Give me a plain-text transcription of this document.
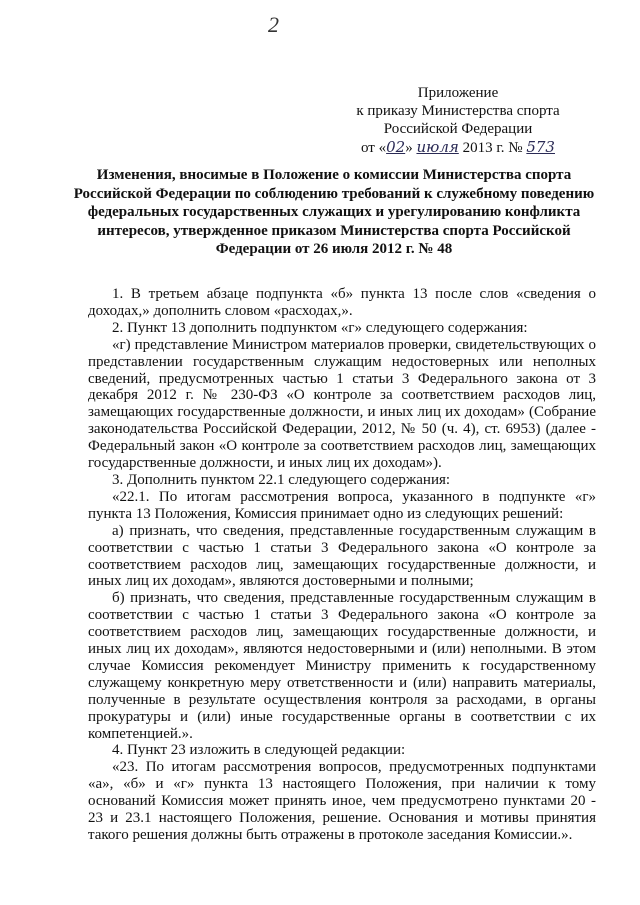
2
Приложение
к приказу Министерства спорта
Российской Федерации
от «02» июля 2013 г. № 573
Изменения, вносимые в Положение о комиссии Министерства спорта Российской Федерации по соблюдению требований к служебному поведению федеральных государственных служащих и урегулированию конфликта интересов, утвержденное приказом Министерства спорта Российской Федерации от 26 июля 2012 г. № 48

1. В третьем абзаце подпункта «б» пункта 13 после слов «сведения о доходах,» дополнить словом «расходах,».

2. Пункт 13 дополнить подпунктом «г» следующего содержания:

«г) представление Министром материалов проверки, свидетельствующих о представлении государственным служащим недостоверных или неполных сведений, предусмотренных частью 1 статьи 3 Федерального закона от 3 декабря 2012 г. № 230-ФЗ «О контроле за соответствием расходов лиц, замещающих государственные должности, и иных лиц их доходам» (Собрание законодательства Российской Федерации, 2012, № 50 (ч. 4), ст. 6953) (далее - Федеральный закон «О контроле за соответствием расходов лиц, замещающих государственные должности, и иных лиц их доходам»).

3. Дополнить пунктом 22.1 следующего содержания:

«22.1. По итогам рассмотрения вопроса, указанного в подпункте «г» пункта 13 Положения, Комиссия принимает одно из следующих решений:

а) признать, что сведения, представленные государственным служащим в соответствии с частью 1 статьи 3 Федерального закона «О контроле за соответствием расходов лиц, замещающих государственные должности, и иных лиц их доходам», являются достоверными и полными;

б) признать, что сведения, представленные государственным служащим в соответствии с частью 1 статьи 3 Федерального закона «О контроле за соответствием расходов лиц, замещающих государственные должности, и иных лиц их доходам», являются недостоверными и (или) неполными. В этом случае Комиссия рекомендует Министру применить к государственному служащему конкретную меру ответственности и (или) направить материалы, полученные в результате осуществления контроля за расходами, в органы прокуратуры и (или) иные государственные органы в соответствии с их компетенцией.».

4. Пункт 23 изложить в следующей редакции:

«23. По итогам рассмотрения вопросов, предусмотренных подпунктами «а», «б» и «г» пункта 13 настоящего Положения, при наличии к тому оснований Комиссия может принять иное, чем предусмотрено пунктами 20 - 23 и 23.1 настоящего Положения, решение. Основания и мотивы принятия такого решения должны быть отражены в протоколе заседания Комиссии.».
